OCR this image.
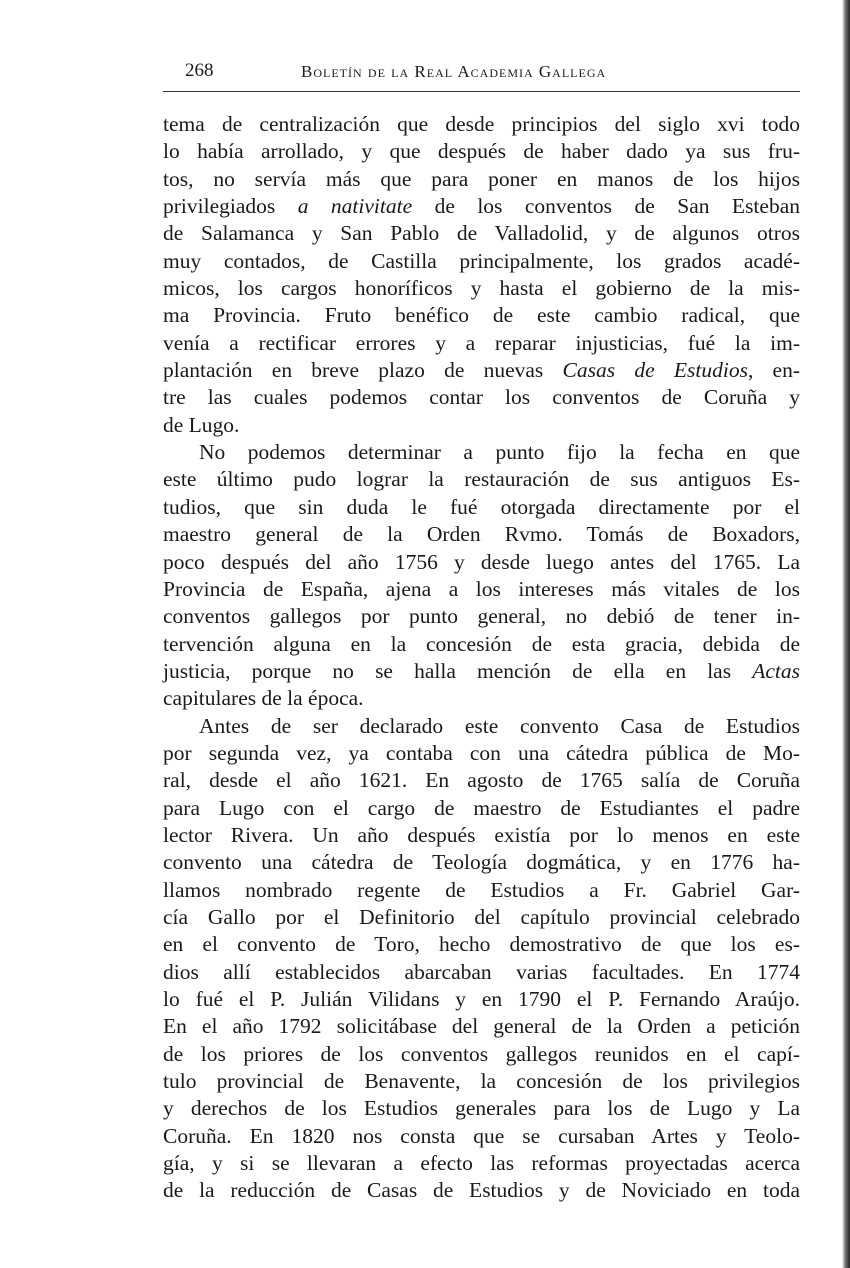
268	Boletín de la Real Academia Gallega
tema de centralización que desde principios del siglo xvi todo
lo había arrollado, y que después de haber dado ya sus fru-
tos, no servía más que para poner en manos de los hijos
privilegiados a nativitate de los conventos de San Esteban
de Salamanca y San Pablo de Valladolid, y de algunos otros
muy contados, de Castilla principalmente, los grados acadé-
micos, los cargos honoríficos y hasta el gobierno de la mis-
ma Provincia. Fruto benéfico de este cambio radical, que
venía a rectificar errores y a reparar injusticias, fué la im-
plantación en breve plazo de nuevas Casas de Estudios, en-
tre las cuales podemos contar los conventos de Coruña y
de Lugo.
No podemos determinar a punto fijo la fecha en que
este último pudo lograr la restauración de sus antiguos Es-
tudios, que sin duda le fué otorgada directamente por el
maestro general de la Orden Rvmo. Tomás de Boxadors,
poco después del año 1756 y desde luego antes del 1765. La
Provincia de España, ajena a los intereses más vitales de los
conventos gallegos por punto general, no debió de tener in-
tervención alguna en la concesión de esta gracia, debida de
justicia, porque no se halla mención de ella en las Actas
capitulares de la época.
Antes de ser declarado este convento Casa de Estudios
por segunda vez, ya contaba con una cátedra pública de Mo-
ral, desde el año 1621. En agosto de 1765 salía de Coruña
para Lugo con el cargo de maestro de Estudiantes el padre
lector Rivera. Un año después existía por lo menos en este
convento una cátedra de Teología dogmática, y en 1776 ha-
llamos nombrado regente de Estudios a Fr. Gabriel Gar-
cía Gallo por el Definitorio del capítulo provincial celebrado
en el convento de Toro, hecho demostrativo de que los es-
dios allí establecidos abarcaban varias facultades. En 1774
lo fué el P. Julián Vilidans y en 1790 el P. Fernando Araújo.
En el año 1792 solicitábase del general de la Orden a petición
de los priores de los conventos gallegos reunidos en el capí-
tulo provincial de Benavente, la concesión de los privilegios
y derechos de los Estudios generales para los de Lugo y La
Coruña. En 1820 nos consta que se cursaban Artes y Teolo-
gía, y si se llevaran a efecto las reformas proyectadas acerca
de la reducción de Casas de Estudios y de Noviciado en toda
